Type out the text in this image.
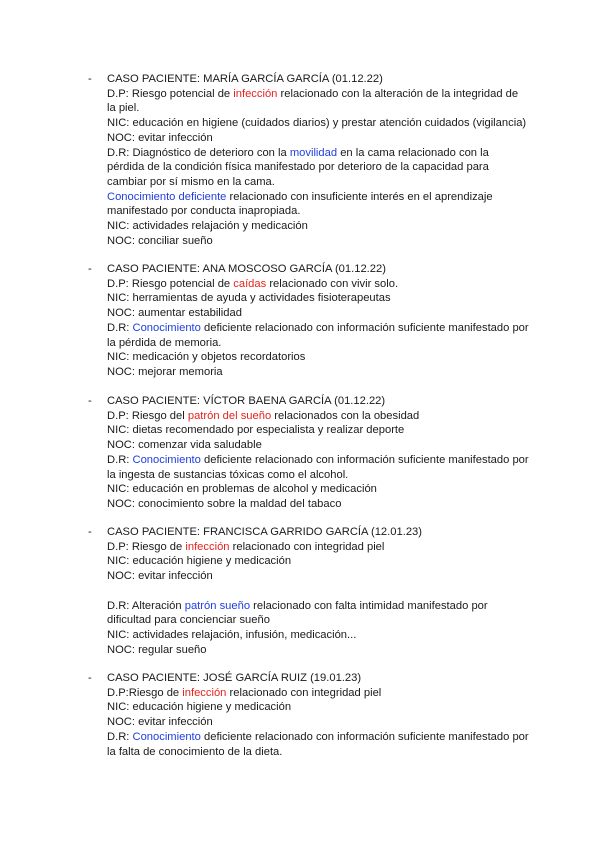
- CASO PACIENTE: MARÍA GARCÍA GARCÍA (01.12.22)
D.P: Riesgo potencial de infección relacionado con la alteración de la integridad de
la piel.
NIC: educación en higiene (cuidados diarios) y prestar atención cuidados (vigilancia)
NOC: evitar infección
D.R: Diagnóstico de deterioro con la movilidad en la cama relacionado con la
pérdida de la condición física manifestado por deterioro de la capacidad para
cambiar por sí mismo en la cama.
Conocimiento deficiente relacionado con insuficiente interés en el aprendizaje
manifestado por conducta inapropiada.
NIC: actividades relajación y medicación
NOC: conciliar sueño
- CASO PACIENTE: ANA MOSCOSO GARCÍA (01.12.22)
D.P: Riesgo potencial de caídas relacionado con vivir solo.
NIC: herramientas de ayuda y actividades fisioterapeutas
NOC: aumentar estabilidad
D.R: Conocimiento deficiente relacionado con información suficiente manifestado por
la pérdida de memoria.
NIC: medicación y objetos recordatorios
NOC: mejorar memoria
- CASO PACIENTE: VÍCTOR BAENA GARCÍA (01.12.22)
D.P: Riesgo del patrón del sueño relacionados con la obesidad
NIC: dietas recomendado por especialista y realizar deporte
NOC: comenzar vida saludable
D.R: Conocimiento deficiente relacionado con información suficiente manifestado por
la ingesta de sustancias tóxicas como el alcohol.
NIC: educación en problemas de alcohol y medicación
NOC: conocimiento sobre la maldad del tabaco
- CASO PACIENTE: FRANCISCA GARRIDO GARCÍA (12.01.23)
D.P: Riesgo de infección relacionado con integridad piel
NIC: educación higiene y medicación
NOC: evitar infección
D.R: Alteración patrón sueño relacionado con falta intimidad manifestado por
dificultad para concienciar sueño
NIC: actividades relajación, infusión, medicación...
NOC: regular sueño
- CASO PACIENTE: JOSÉ GARCÍA RUIZ (19.01.23)
D.P:Riesgo de infección relacionado con integridad piel
NIC: educación higiene y medicación
NOC: evitar infección
D.R: Conocimiento deficiente relacionado con información suficiente manifestado por
la falta de conocimiento de la dieta.
